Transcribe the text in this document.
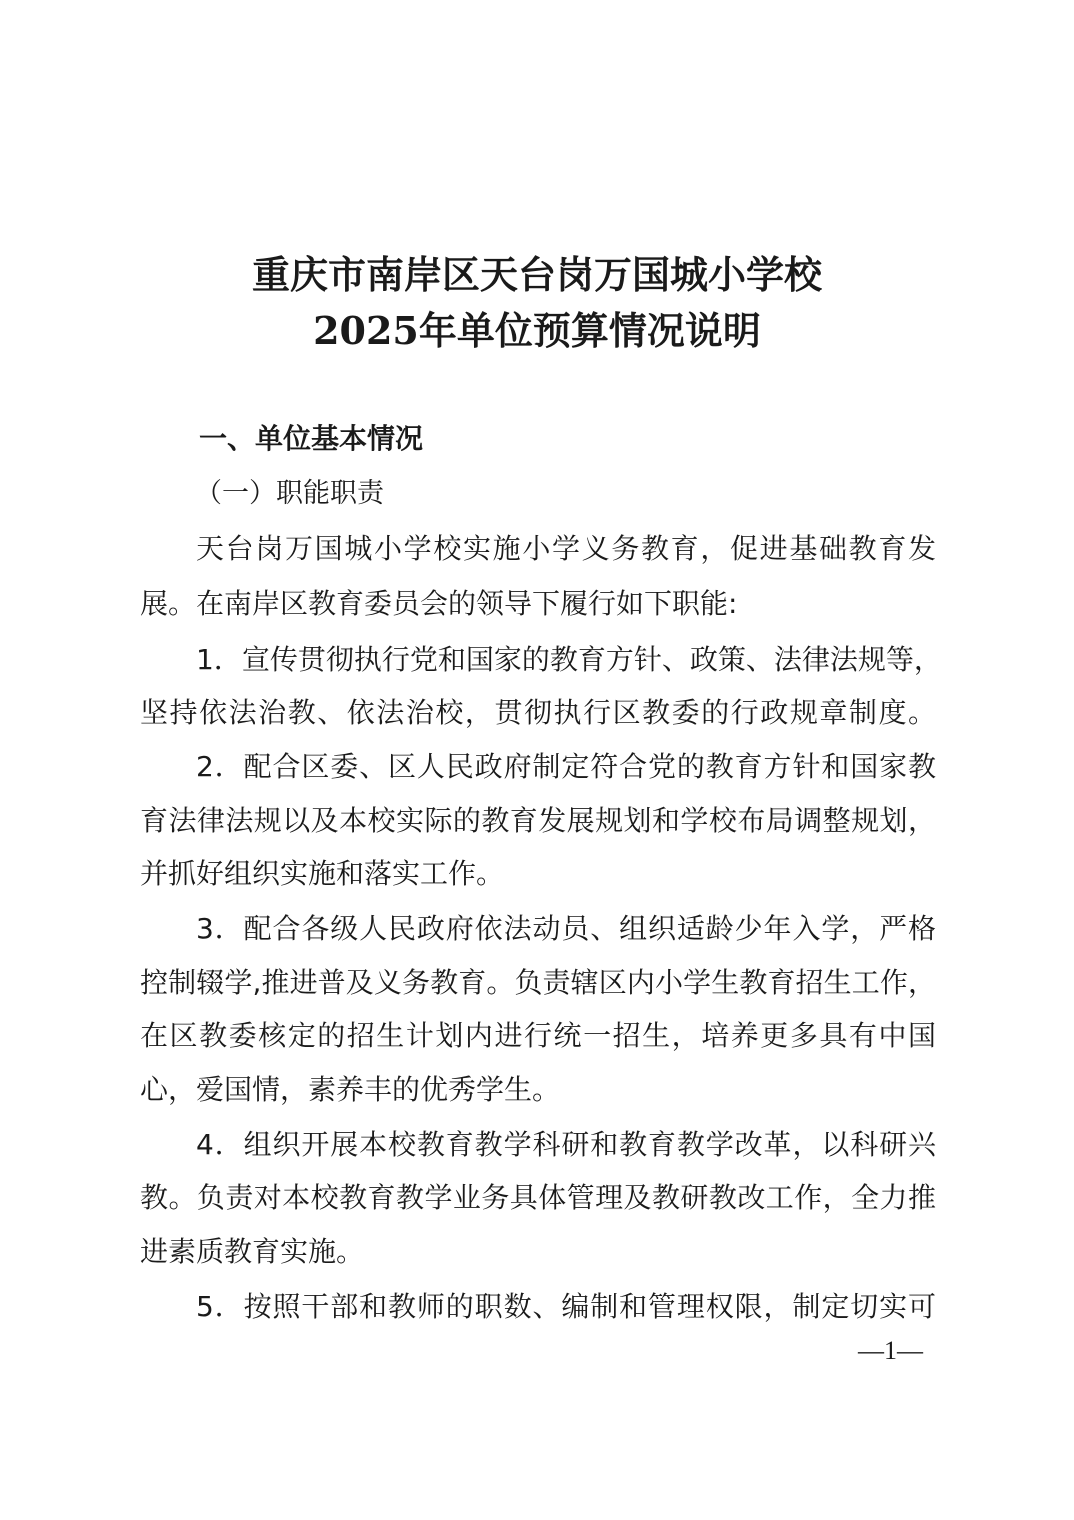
重庆市南岸区天台岗万国城小学校
2025年单位预算情况说明
一、单位基本情况
（一）职能职责
天台岗万国城小学校实施小学义务教育，促进基础教育发
展。在南岸区教育委员会的领导下履行如下职能:
1．宣传贯彻执行党和国家的教育方针、政策、法律法规等，
坚持依法治教、依法治校，贯彻执行区教委的行政规章制度。
2．配合区委、区人民政府制定符合党的教育方针和国家教
育法律法规以及本校实际的教育发展规划和学校布局调整规划，
并抓好组织实施和落实工作。
3．配合各级人民政府依法动员、组织适龄少年入学，严格
控制辍学,推进普及义务教育。负责辖区内小学生教育招生工作，
在区教委核定的招生计划内进行统一招生，培养更多具有中国
心，爱国情，素养丰的优秀学生。
4．组织开展本校教育教学科研和教育教学改革，以科研兴
教。负责对本校教育教学业务具体管理及教研教改工作，全力推
进素质教育实施。
5．按照干部和教师的职数、编制和管理权限，制定切实可
—1—
